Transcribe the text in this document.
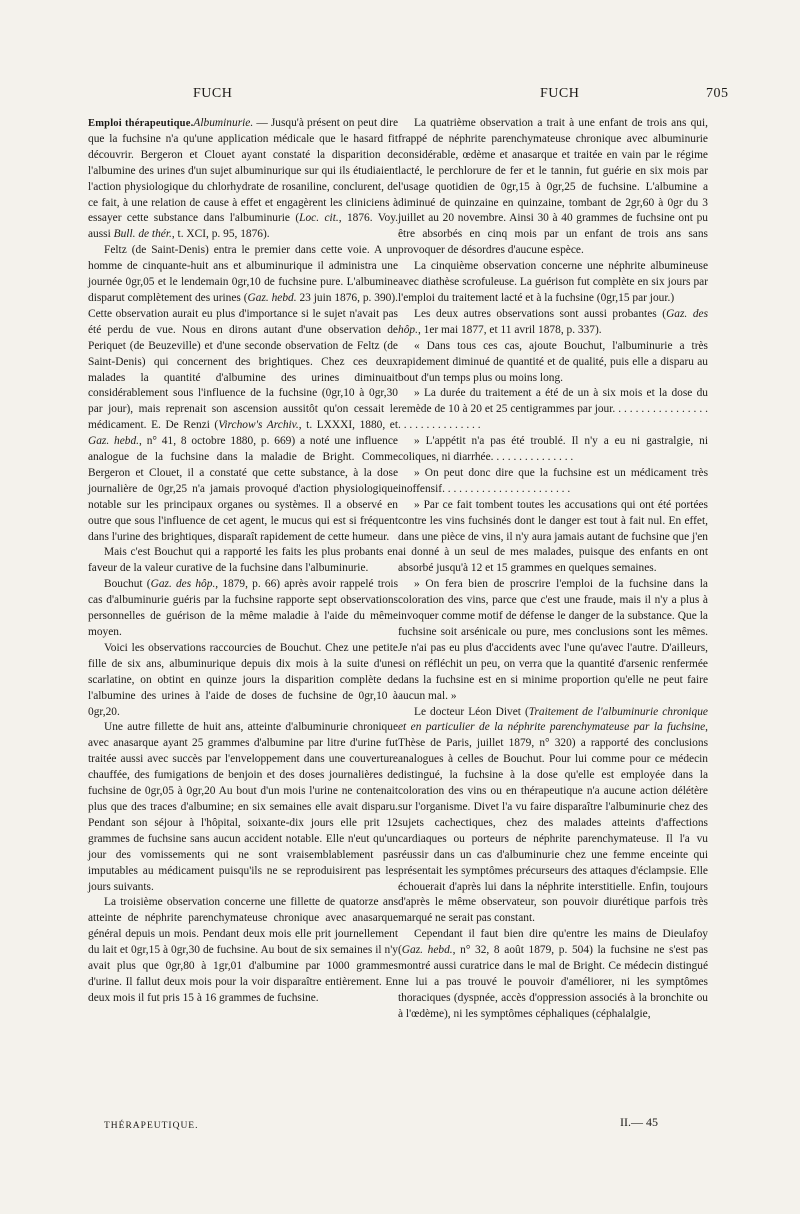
FUCH	FUCH	705

Emploi thérapeutique.Albuminurie. — Jusqu'à présent on peut dire que la fuchsine n'a qu'une application médicale que le hasard fit découvrir. Bergeron et Clouet ayant constaté la disparition de l'albumine des urines d'un sujet albuminurique sur qui ils étudiaient l'action physiologique du chlorhydrate de rosaniline, conclurent, de ce fait, à une relation de cause à effet et engagèrent les cliniciens à essayer cette substance dans l'albuminurie (Loc. cit., 1876. Voy. aussi Bull. de thér., t. XCI, p. 95, 1876).

Feltz (de Saint-Denis) entra le premier dans cette voie. A un homme de cinquante-huit ans et albuminurique il administra une journée 0gr,05 et le lendemain 0gr,10 de fuchsine pure. L'albumine disparut complètement des urines (Gaz. hebd. 23 juin 1876, p. 390). Cette observation aurait eu plus d'importance si le sujet n'avait pas été perdu de vue. Nous en dirons autant d'une observation de Periquet (de Beuzeville) et d'une seconde observation de Feltz (de Saint-Denis) qui concernent des brightiques. Chez ces deux malades la quantité d'albumine des urines diminuait considérablement sous l'influence de la fuchsine (0gr,10 à 0gr,30 par jour), mais reprenait son ascension aussitôt qu'on cessait le médicament. E. De Renzi (Virchow's Archiv., t. LXXXI, 1880, et Gaz. hebd., n° 41, 8 octobre 1880, p. 669) a noté une influence analogue de la fuchsine dans la maladie de Bright. Comme Bergeron et Clouet, il a constaté que cette substance, à la dose journalière de 0gr,25 n'a jamais provoqué d'action physiologique notable sur les principaux organes ou systèmes. Il a observé en outre que sous l'influence de cet agent, le mucus qui est si fréquent dans l'urine des brightiques, disparaît rapidement de cette humeur.

Mais c'est Bouchut qui a rapporté les faits les plus probants en faveur de la valeur curative de la fuchsine dans l'albuminurie.

Bouchut (Gaz. des hôp., 1879, p. 66) après avoir rappelé trois cas d'albuminurie guéris par la fuchsine rapporte sept observations personnelles de guérison de la même maladie à l'aide du même moyen.

Voici les observations raccourcies de Bouchut. Chez une petite fille de six ans, albuminurique depuis dix mois à la suite d'une scarlatine, on obtint en quinze jours la disparition complète de l'albumine des urines à l'aide de doses de fuchsine de 0gr,10 à 0gr,20.

Une autre fillette de huit ans, atteinte d'albuminurie chronique avec anasarque ayant 25 grammes d'albumine par litre d'urine fut traitée aussi avec succès par l'enveloppement dans une couverture chauffée, des fumigations de benjoin et des doses journalières de fuchsine de 0gr,05 à 0gr,20 Au bout d'un mois l'urine ne contenait plus que des traces d'albumine; en six semaines elle avait disparu. Pendant son séjour à l'hôpital, soixante-dix jours elle prit 12 grammes de fuchsine sans aucun accident notable. Elle n'eut qu'un jour des vomissements qui ne sont vraisemblablement pas imputables au médicament puisqu'ils ne se reproduisirent pas les jours suivants.

La troisième observation concerne une fillette de quatorze ans atteinte de néphrite parenchymateuse chronique avec anasarque général depuis un mois. Pendant deux mois elle prit journellement du lait et 0gr,15 à 0gr,30 de fuchsine. Au bout de six semaines il n'y avait plus que 0gr,80 à 1gr,01 d'albumine par 1000 grammes d'urine. Il fallut deux mois pour la voir disparaître entièrement. En deux mois il fut pris 15 à 16 grammes de fuchsine.

La quatrième observation a trait à une enfant de trois ans qui, frappé de néphrite parenchymateuse chronique avec albuminurie considérable, œdème et anasarque et traitée en vain par le régime lacté, le perchlorure de fer et le tannin, fut guérie en six mois par l'usage quotidien de 0gr,15 à 0gr,25 de fuchsine. L'albumine a diminué de quinzaine en quinzaine, tombant de 2gr,60 à 0gr du 3 juillet au 20 novembre. Ainsi 30 à 40 grammes de fuchsine ont pu être absorbés en cinq mois par un enfant de trois ans sans provoquer de désordres d'aucune espèce.

La cinquième observation concerne une néphrite albumineuse avec diathèse scrofuleuse. La guérison fut complète en six jours par l'emploi du traitement lacté et à la fuchsine (0gr,15 par jour.)

Les deux autres observations sont aussi probantes (Gaz. des hôp., 1er mai 1877, et 11 avril 1878, p. 337).

« Dans tous ces cas, ajoute Bouchut, l'albuminurie a très rapidement diminué de quantité et de qualité, puis elle a disparu au bout d'un temps plus ou moins long.

» La durée du traitement a été de un à six mois et la dose du remède de 10 à 20 et 25 centigrammes par jour. . . . . . . . . . . . . . . . . . . . . . . . . . . . . . . .

» L'appétit n'a pas été troublé. Il n'y a eu ni gastralgie, ni coliques, ni diarrhée. . . . . . . . . . . . . . .

» On peut donc dire que la fuchsine est un médicament très inoffensif. . . . . . . . . . . . . . . . . . . . . . .

» Par ce fait tombent toutes les accusations qui ont été portées contre les vins fuchsinés dont le danger est tout à fait nul. En effet, dans une pièce de vins, il n'y aura jamais autant de fuchsine que j'en ai donné à un seul de mes malades, puisque des enfants en ont absorbé jusqu'à 12 et 15 grammes en quelques semaines.

» On fera bien de proscrire l'emploi de la fuchsine dans la coloration des vins, parce que c'est une fraude, mais il n'y a plus à invoquer comme motif de défense le danger de la substance. Que la fuchsine soit arsénicale ou pure, mes conclusions sont les mêmes. Je n'ai pas eu plus d'accidents avec l'une qu'avec l'autre. D'ailleurs, si on réfléchit un peu, on verra que la quantité d'arsenic renfermée dans la fuchsine est en si minime proportion qu'elle ne peut faire aucun mal. »

Le docteur Léon Divet (Traitement de l'albuminurie chronique et en particulier de la néphrite parenchymateuse par la fuchsine, Thèse de Paris, juillet 1879, n° 320) a rapporté des conclusions analogues à celles de Bouchut. Pour lui comme pour ce médecin distingué, la fuchsine à la dose qu'elle est employée dans la coloration des vins ou en thérapeutique n'a aucune action délétère sur l'organisme. Divet l'a vu faire disparaître l'albuminurie chez des sujets cachectiques, chez des malades atteints d'affections cardiaques ou porteurs de néphrite parenchymateuse. Il l'a vu réussir dans un cas d'albuminurie chez une femme enceinte qui présentait les symptômes précurseurs des attaques d'éclampsie. Elle échouerait d'après lui dans la néphrite interstitielle. Enfin, toujours d'après le même observateur, son pouvoir diurétique parfois très marqué ne serait pas constant.

Cependant il faut bien dire qu'entre les mains de Dieulafoy (Gaz. hebd., n° 32, 8 août 1879, p. 504) la fuchsine ne s'est pas montré aussi curatrice dans le mal de Bright. Ce médecin distingué ne lui a pas trouvé le pouvoir d'améliorer, ni les symptômes thoraciques (dyspnée, accès d'oppression associés à la bronchite ou à l'œdème), ni les symptômes céphaliques (céphalalgie,

THÉRAPEUTIQUE.	II.— 45
